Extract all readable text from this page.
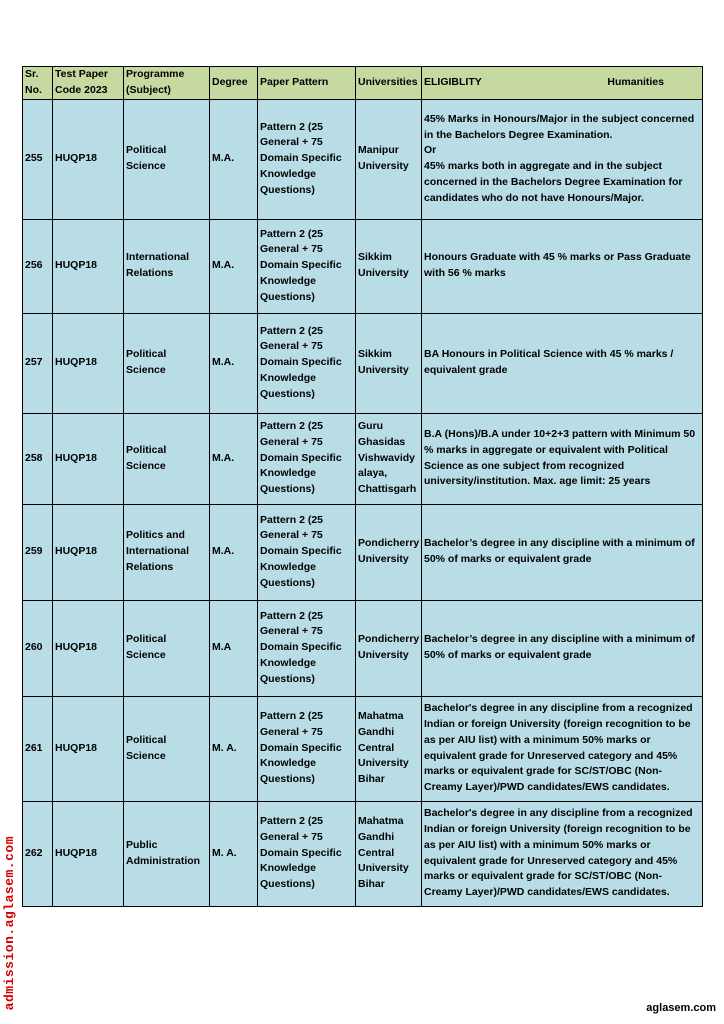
Sr. No.	Test Paper Code 2023	Programme (Subject)	Degree	Paper Pattern	Universities	ELIGIBLITY Humanities

255	HUQP18	Political Science	M.A.	Pattern 2 (25 General + 75 Domain Specific Knowledge Questions)	Manipur University	45% Marks in Honours/Major in the subject concerned in the Bachelors Degree Examination.
Or
45% marks both in aggregate and in the subject concerned in the Bachelors Degree Examination for candidates who do not have Honours/Major.
256	HUQP18	International Relations	M.A.	Pattern 2 (25 General + 75 Domain Specific Knowledge Questions)	Sikkim University	Honours Graduate with 45 % marks or Pass Graduate with 56 % marks
257	HUQP18	Political Science	M.A.	Pattern 2 (25 General + 75 Domain Specific Knowledge Questions)	Sikkim University	BA Honours in Political Science with 45 % marks / equivalent grade
258	HUQP18	Political Science	M.A.	Pattern 2 (25 General + 75 Domain Specific Knowledge Questions)	Guru Ghasidas Vishwavidy alaya, Chattisgarh	B.A (Hons)/B.A under 10+2+3 pattern with Minimum 50 % marks in aggregate or equivalent with Political Science as one subject from recognized university/institution. Max. age limit: 25 years
259	HUQP18	Politics and International Relations	M.A.	Pattern 2 (25 General + 75 Domain Specific Knowledge Questions)	Pondicherry University	Bachelor’s degree in any discipline with a minimum of 50% of marks or equivalent grade
260	HUQP18	Political Science	M.A	Pattern 2 (25 General + 75 Domain Specific Knowledge Questions)	Pondicherry University	Bachelor’s degree in any discipline with a minimum of 50% of marks or equivalent grade
261	HUQP18	Political Science	M. A.	Pattern 2 (25 General + 75 Domain Specific Knowledge Questions)	Mahatma Gandhi Central University Bihar	Bachelor's degree in any discipline from a recognized Indian or foreign University (foreign recognition to be as per AIU list) with a minimum 50% marks or equivalent grade for Unreserved category and 45% marks or equivalent grade for SC/ST/OBC (Non-Creamy Layer)/PWD candidates/EWS candidates.
262	HUQP18	Public Administration	M. A.	Pattern 2 (25 General + 75 Domain Specific Knowledge Questions)	Mahatma Gandhi Central University Bihar	Bachelor's degree in any discipline from a recognized Indian or foreign University (foreign recognition to be as per AIU list) with a minimum 50% marks or equivalent grade for Unreserved category and 45% marks or equivalent grade for SC/ST/OBC (Non-Creamy Layer)/PWD candidates/EWS candidates.
admission.aglasem.com	aglasem.com
